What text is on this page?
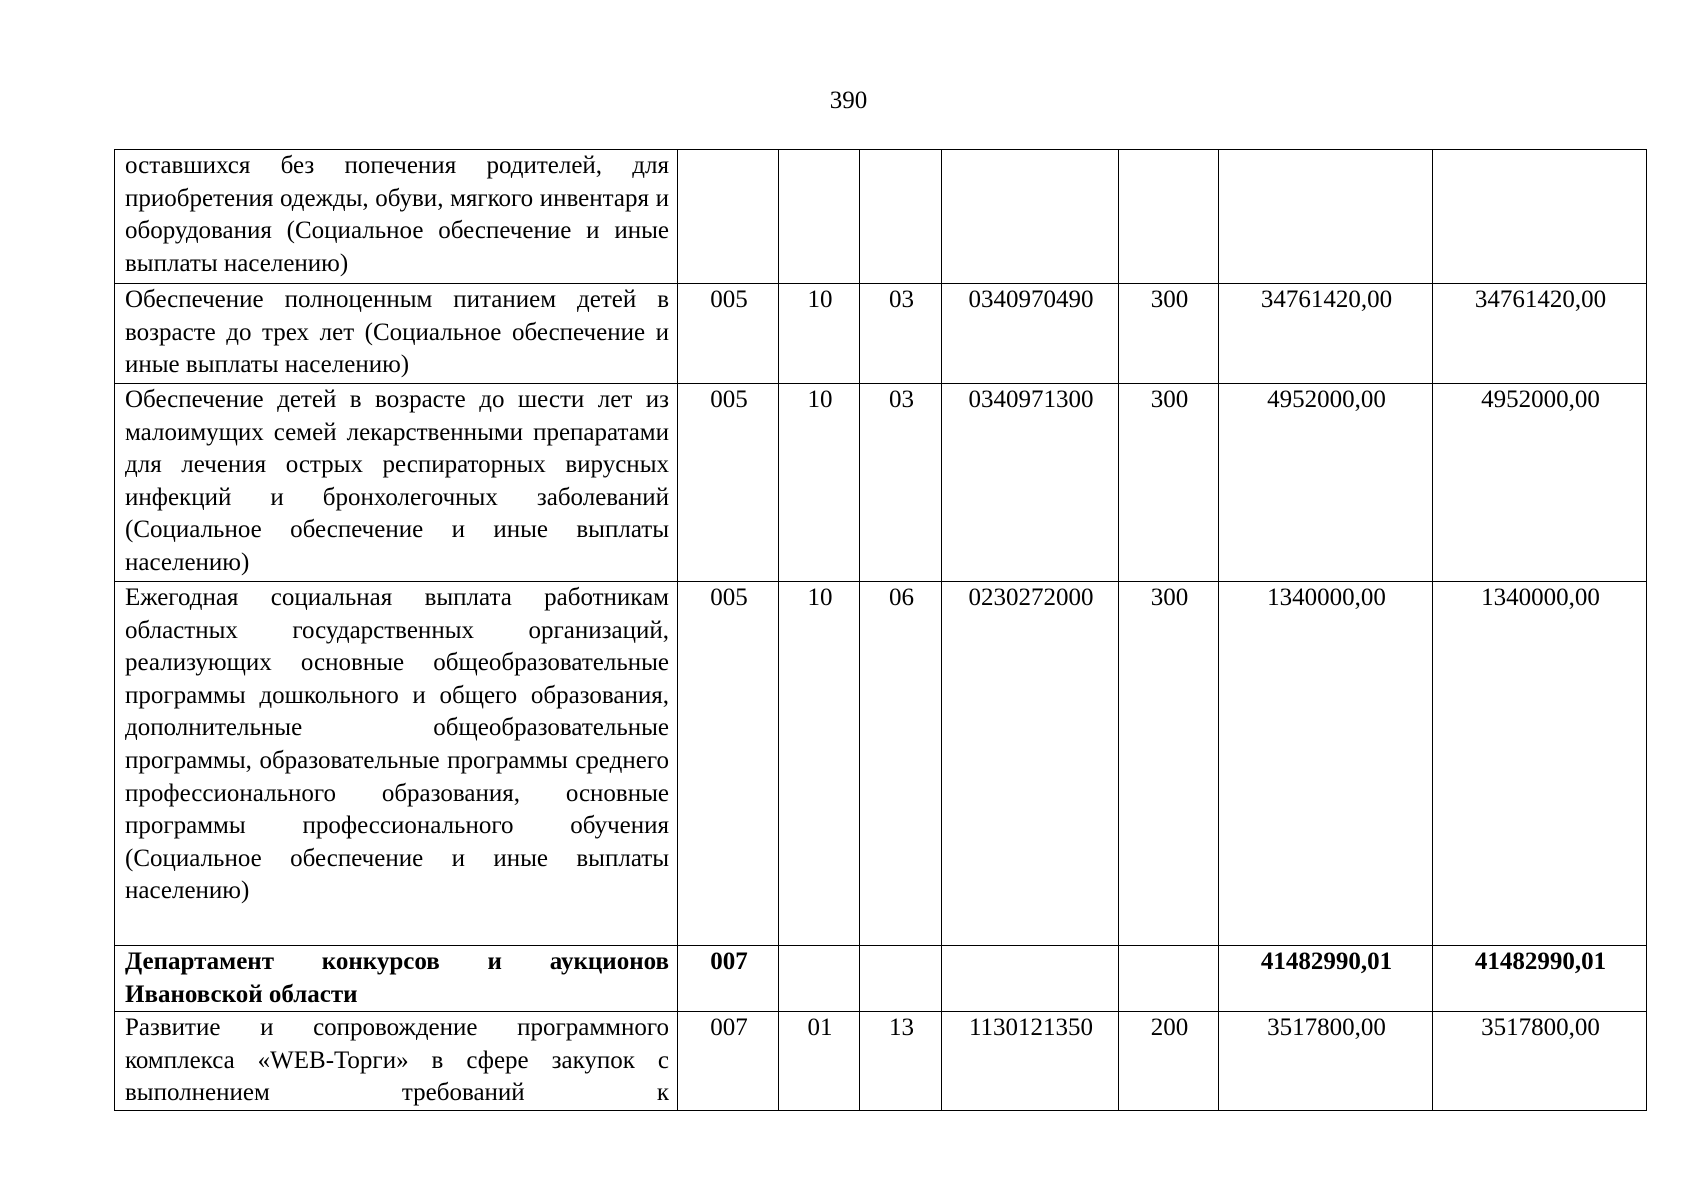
390
оставшихся без попечения родителей, для приобретения одежды, обуви, мягкого инвентаря и оборудования (Социальное обеспечение и иные выплаты населению)							
Обеспечение полноценным питанием детей в возрасте до трех лет (Социальное обеспечение и иные выплаты населению)	005	10	03	0340970490	300	34761420,00	34761420,00
Обеспечение детей в возрасте до шести лет из малоимущих семей лекарственными препаратами для лечения острых респираторных вирусных инфекций и бронхолегочных заболеваний (Социальное обеспечение и иные выплаты населению)	005	10	03	0340971300	300	4952000,00	4952000,00
Ежегодная социальная выплата работникам областных государственных организаций, реализующих основные общеобразовательные программы дошкольного и общего образования, дополнительные общеобразовательные программы, образовательные программы среднего профессионального образования, основные программы профессионального обучения (Социальное обеспечение и иные выплаты населению)	005	10	06	0230272000	300	1340000,00	1340000,00
Департамент конкурсов и аукционов Ивановской области	007					41482990,01	41482990,01

Развитие и сопровождение программного комплекса «WEB-Торги» в сфере закупок с выполнением требований к	007	01	13	1130121350	200	3517800,00	3517800,00
